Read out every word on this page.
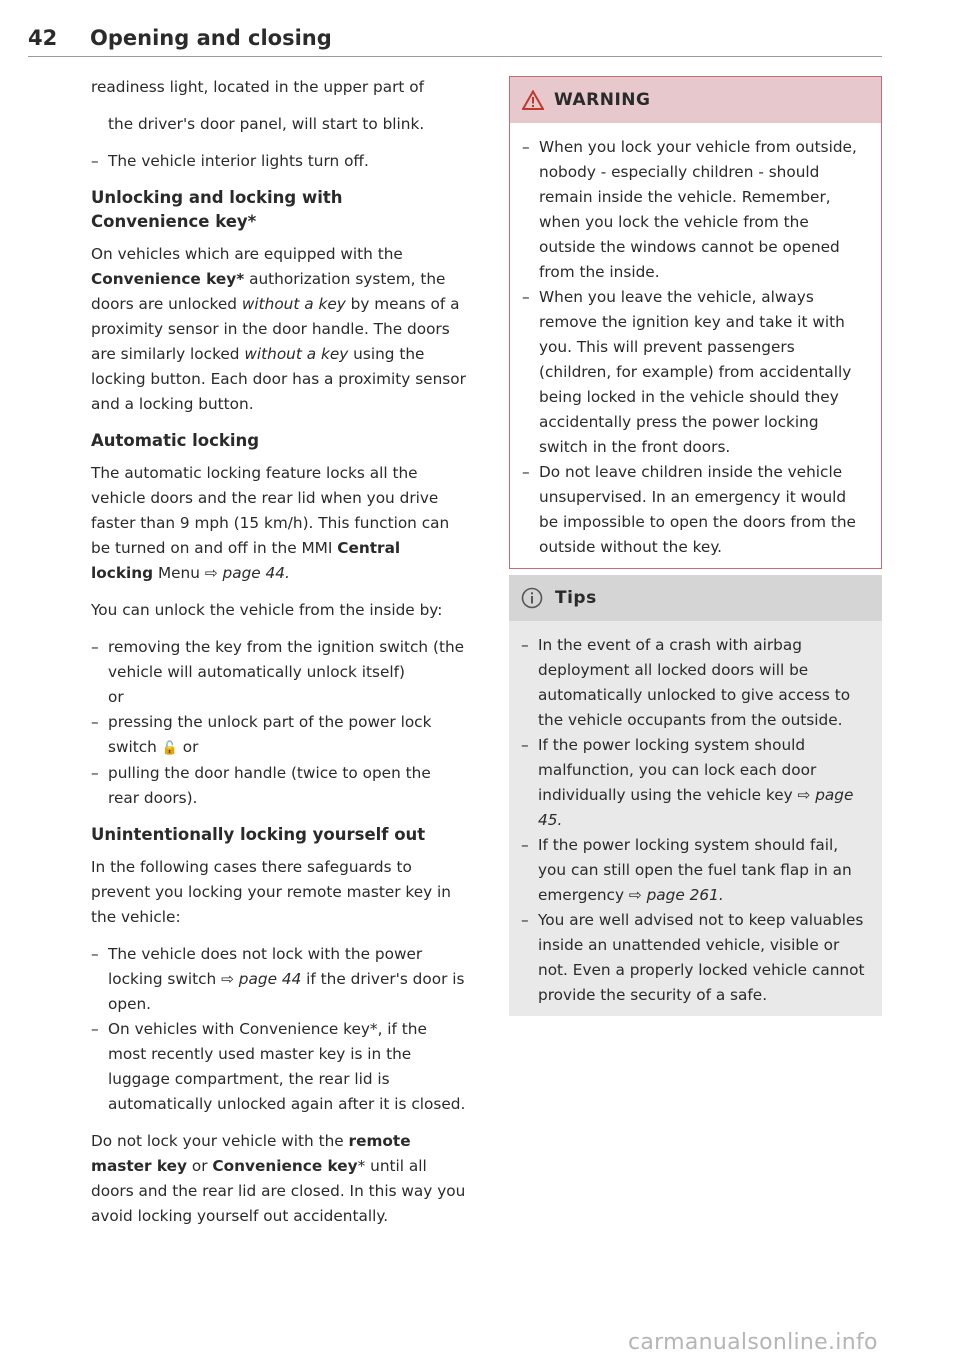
42 Opening and closing

readiness light, located in the upper part of

the driver's door panel, will start to blink.

– The vehicle interior lights turn off.
Unlocking and locking with Convenience key*

On vehicles which are equipped with the Convenience key* authorization system, the doors are unlocked without a key by means of a proximity sensor in the door handle. The doors are similarly locked without a key using the locking button. Each door has a proximity sensor and a locking button.

Automatic locking

The automatic locking feature locks all the vehicle doors and the rear lid when you drive faster than 9 mph (15 km/h). This function can be turned on and off in the MMI Central locking Menu ⇨ page 44.

You can unlock the vehicle from the inside by:

– removing the key from the ignition switch (the vehicle will automatically unlock itself)
or
– pressing the unlock part of the power lock switch 🔓 or
– pulling the door handle (twice to open the rear doors).
Unintentionally locking yourself out

In the following cases there safeguards to prevent you locking your remote master key in the vehicle:

– The vehicle does not lock with the power locking switch ⇨ page 44 if the driver's door is open.
– On vehicles with Convenience key*, if the most recently used master key is in the luggage compartment, the rear lid is automatically unlocked again after it is closed.

Do not lock your vehicle with the remote master key or Convenience key* until all doors and the rear lid are closed. In this way you avoid locking yourself out accidentally.

WARNING
– When you lock your vehicle from outside, nobody - especially children - should remain inside the vehicle. Remember, when you lock the vehicle from the outside the windows cannot be opened from the inside.
– When you leave the vehicle, always remove the ignition key and take it with you. This will prevent passengers (children, for example) from accidentally being locked in the vehicle should they accidentally press the power locking switch in the front doors.
– Do not leave children inside the vehicle unsupervised. In an emergency it would be impossible to open the doors from the outside without the key.
Tips
– In the event of a crash with airbag deployment all locked doors will be automatically unlocked to give access to the vehicle occupants from the outside.
– If the power locking system should malfunction, you can lock each door individually using the vehicle key ⇨ page 45.
– If the power locking system should fail, you can still open the fuel tank flap in an emergency ⇨ page 261.
– You are well advised not to keep valuables inside an unattended vehicle, visible or not. Even a properly locked vehicle cannot provide the security of a safe.
carmanualsonline.info
